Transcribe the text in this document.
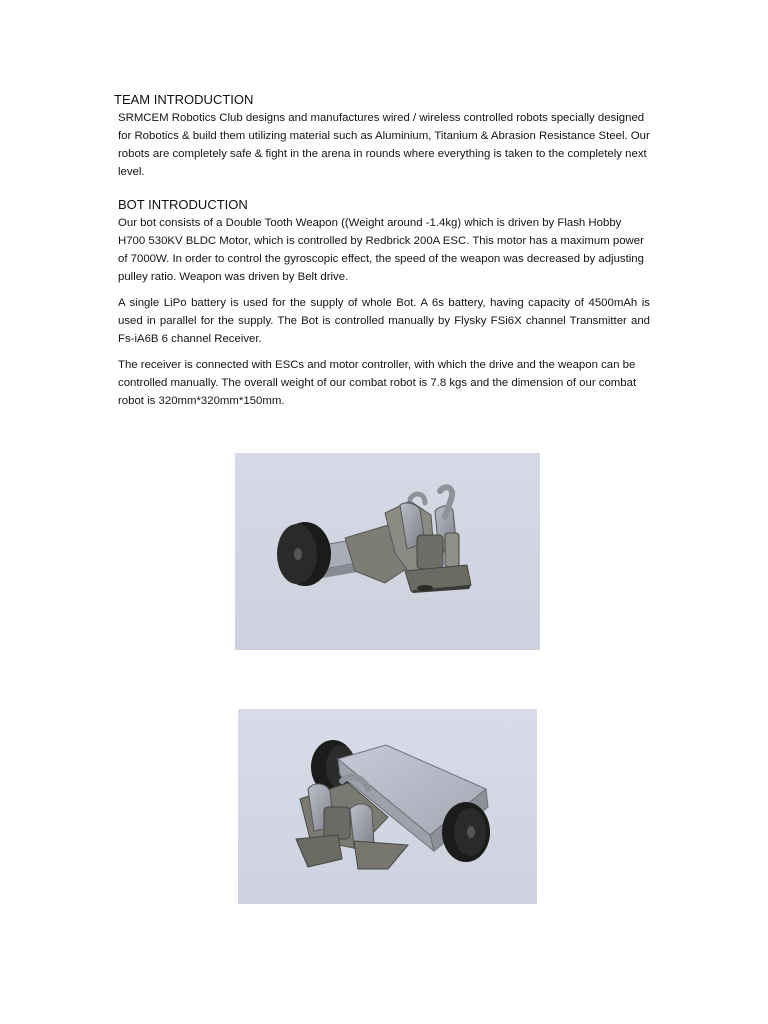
TEAM INTRODUCTION
SRMCEM Robotics Club designs and manufactures wired / wireless controlled robots specially designed for Robotics & build them utilizing material such as Aluminium, Titanium & Abrasion Resistance Steel. Our robots are completely safe & fight in the arena in rounds where everything is taken to the completely next level.
BOT INTRODUCTION
Our bot consists of a Double Tooth Weapon ((Weight around -1.4kg) which is driven by Flash Hobby H700 530KV BLDC Motor, which is controlled by Redbrick 200A ESC. This motor has a maximum power of 7000W. In order to control the gyroscopic effect, the speed of the weapon was decreased by adjusting pulley ratio. Weapon was driven by Belt drive.
A single LiPo battery is used for the supply of whole Bot. A 6s battery, having capacity of 4500mAh is used in parallel for the supply. The Bot is controlled manually by Flysky FSi6X channel Transmitter and Fs-iA6B 6 channel Receiver.
The receiver is connected with ESCs and motor controller, with which the drive and the weapon can be controlled manually. The overall weight of our combat robot is 7.8 kgs and the dimension of our combat robot is 320mm*320mm*150mm.
